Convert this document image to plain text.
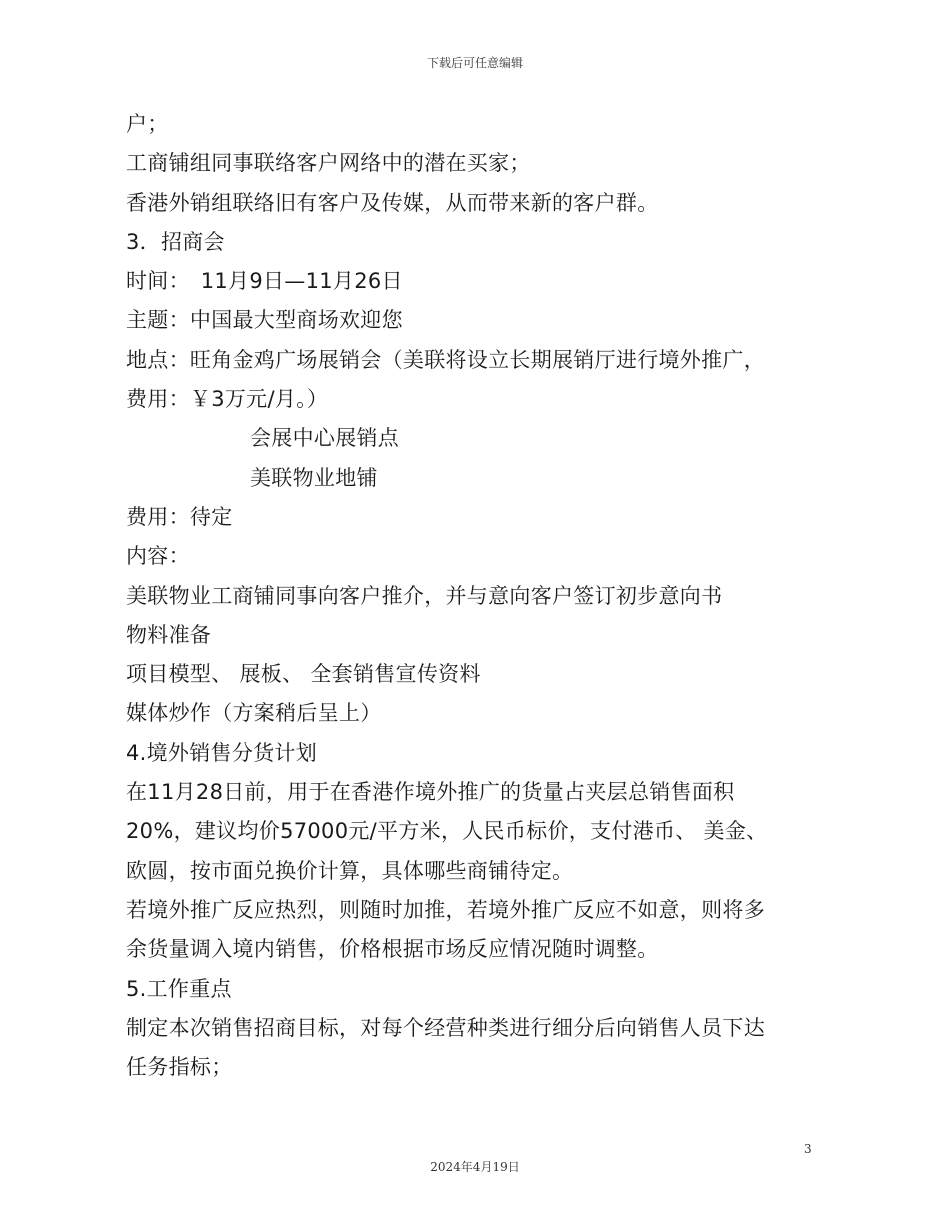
下载后可任意编辑
户；
工商铺组同事联络客户网络中的潜在买家；
香港外销组联络旧有客户及传媒，从而带来新的客户群。
3．招商会
时间：　11月9日—11月26日
主题：中国最大型商场欢迎您
地点：旺角金鸡广场展销会（美联将设立长期展销厅进行境外推广，
费用：￥3万元/月。）
会展中心展销点
美联物业地铺
费用：待定
内容：
美联物业工商铺同事向客户推介，并与意向客户签订初步意向书
物料准备
项目模型、 展板、 全套销售宣传资料
媒体炒作（方案稍后呈上）
4.境外销售分货计划
在11月28日前，用于在香港作境外推广的货量占夹层总销售面积
20%，建议均价57000元/平方米，人民币标价，支付港币、 美金、
欧圆，按市面兑换价计算，具体哪些商铺待定。
若境外推广反应热烈，则随时加推，若境外推广反应不如意，则将多
余货量调入境内销售，价格根据市场反应情况随时调整。
5.工作重点
制定本次销售招商目标，对每个经营种类进行细分后向销售人员下达
任务指标；
3
2024年4月19日
